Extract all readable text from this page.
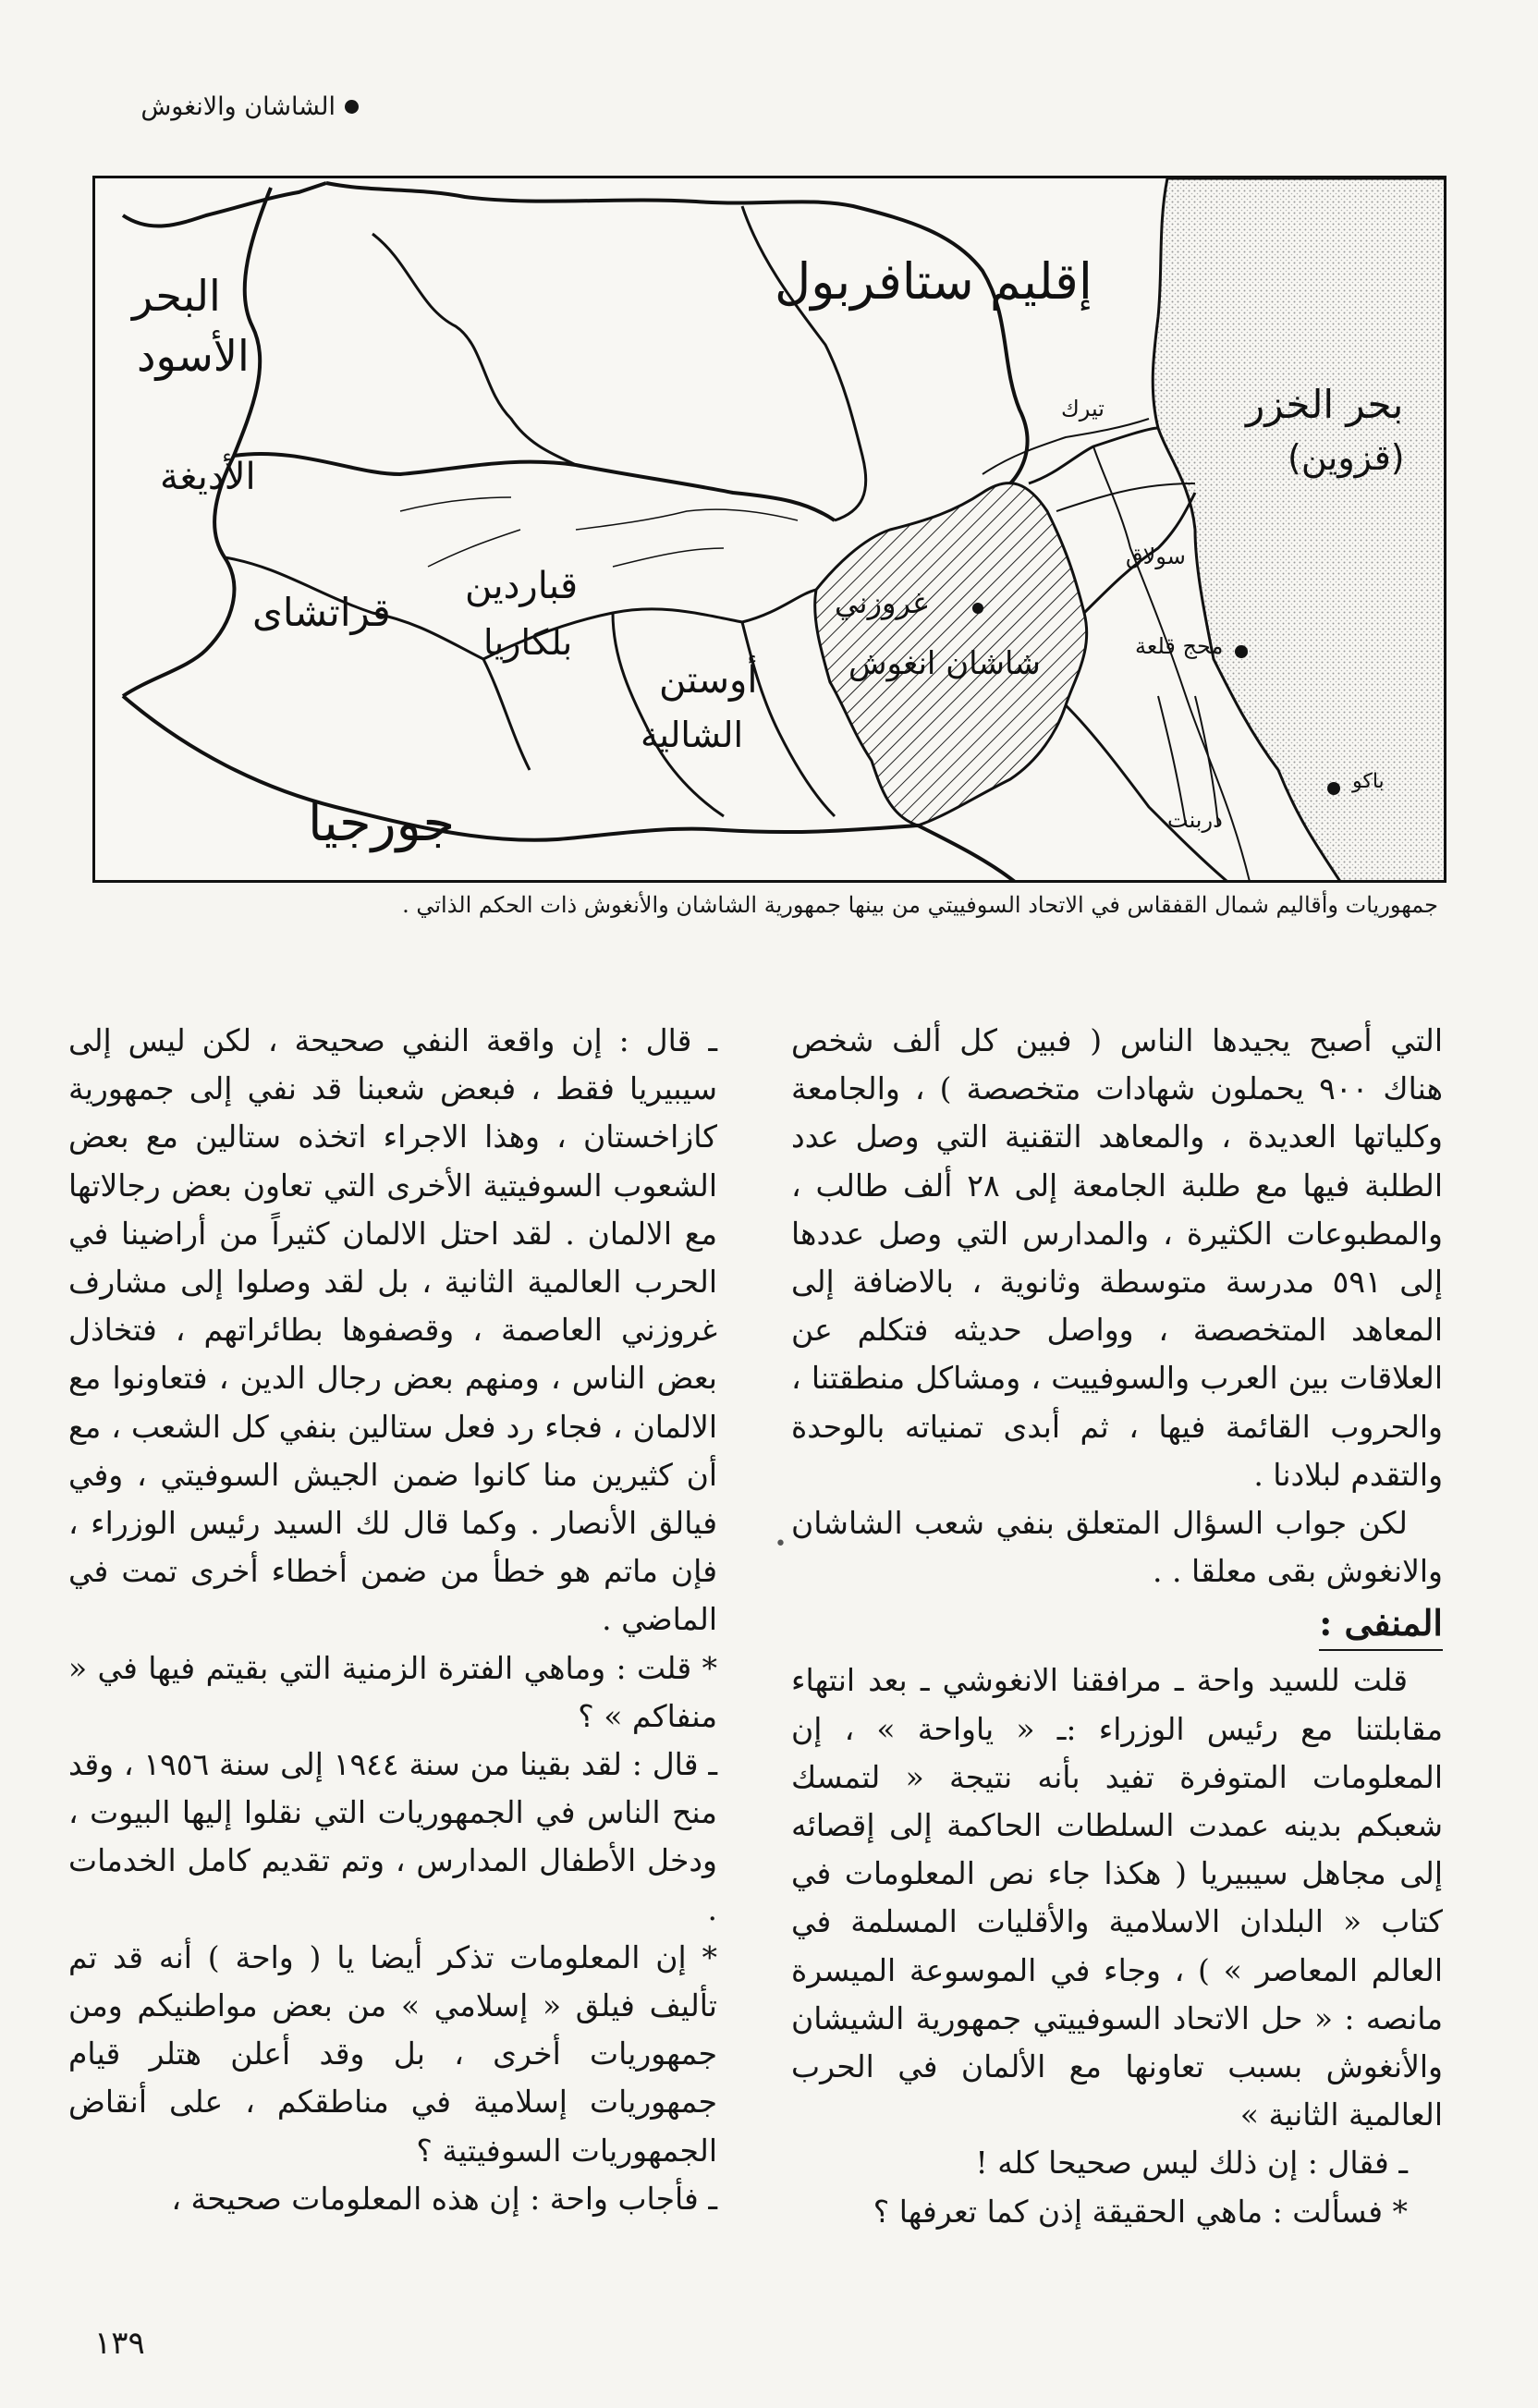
الشاشان والانغوش
إقليم ستافربول
البحر
الأسود
الأديغة
قراتشاى
قباردين
بلكاريا
أوستن
الشالية
غروزني
شاشان انغوش
بحر الخزر
(قزوين)
جورجيا
تيرك
سولاق
محج قلعة
دربنت
باكو
جمهوريات وأقاليم شمال القفقاس في الاتحاد السوفييتي من بينها جمهورية الشاشان والأنغوش ذات الحكم الذاتي .

التي أصبح يجيدها الناس ( فبين كل ألف شخص هناك ٩٠٠ يحملون شهادات متخصصة ) ، والجامعة وكلياتها العديدة ، والمعاهد التقنية التي وصل عدد الطلبة فيها مع طلبة الجامعة إلى ٢٨ ألف طالب ، والمطبوعات الكثيرة ، والمدارس التي وصل عددها إلى ٥٩١ مدرسة متوسطة وثانوية ، بالاضافة إلى المعاهد المتخصصة ، وواصل حديثه فتكلم عن العلاقات بين العرب والسوفييت ، ومشاكل منطقتنا ، والحروب القائمة فيها ، ثم أبدى تمنياته بالوحدة والتقدم لبلادنا .

لكن جواب السؤال المتعلق بنفي شعب الشاشان والانغوش بقى معلقا . .

المنفى :

قلت للسيد واحة ـ مرافقنا الانغوشي ـ بعد انتهاء مقابلتنا مع رئيس الوزراء :ـ « ياواحة » ، إن المعلومات المتوفرة تفيد بأنه نتيجة « لتمسك شعبكم بدينه عمدت السلطات الحاكمة إلى إقصائه إلى مجاهل سيبيريا ( هكذا جاء نص المعلومات في كتاب « البلدان الاسلامية والأقليات المسلمة في العالم المعاصر » ) ، وجاء في الموسوعة الميسرة مانصه : « حل الاتحاد السوفييتي جمهورية الشيشان والأنغوش بسبب تعاونها مع الألمان في الحرب العالمية الثانية »

ـ فقال : إن ذلك ليس صحيحا كله !

* فسألت : ماهي الحقيقة إذن كما تعرفها ؟

•

ـ قال : إن واقعة النفي صحيحة ، لكن ليس إلى سيبيريا فقط ، فبعض شعبنا قد نفي إلى جمهورية كازاخستان ، وهذا الاجراء اتخذه ستالين مع بعض الشعوب السوفيتية الأخرى التي تعاون بعض رجالاتها مع الالمان . لقد احتل الالمان كثيراً من أراضينا في الحرب العالمية الثانية ، بل لقد وصلوا إلى مشارف غروزني العاصمة ، وقصفوها بطائراتهم ، فتخاذل بعض الناس ، ومنهم بعض رجال الدين ، فتعاونوا مع الالمان ، فجاء رد فعل ستالين بنفي كل الشعب ، مع أن كثيرين منا كانوا ضمن الجيش السوفيتي ، وفي فيالق الأنصار . وكما قال لك السيد رئيس الوزراء ، فإن ماتم هو خطأ من ضمن أخطاء أخرى تمت في الماضي .

* قلت : وماهي الفترة الزمنية التي بقيتم فيها في « منفاكم » ؟

ـ قال : لقد بقينا من سنة ١٩٤٤ إلى سنة ١٩٥٦ ، وقد منح الناس في الجمهوريات التي نقلوا إليها البيوت ، ودخل الأطفال المدارس ، وتم تقديم كامل الخدمات .

* إن المعلومات تذكر أيضا يا ( واحة ) أنه قد تم تأليف فيلق « إسلامي » من بعض مواطنيكم ومن جمهوريات أخرى ، بل وقد أعلن هتلر قيام جمهوريات إسلامية في مناطقكم ، على أنقاض الجمهوريات السوفيتية ؟

ـ فأجاب واحة : إن هذه المعلومات صحيحة ،

١٣٩
